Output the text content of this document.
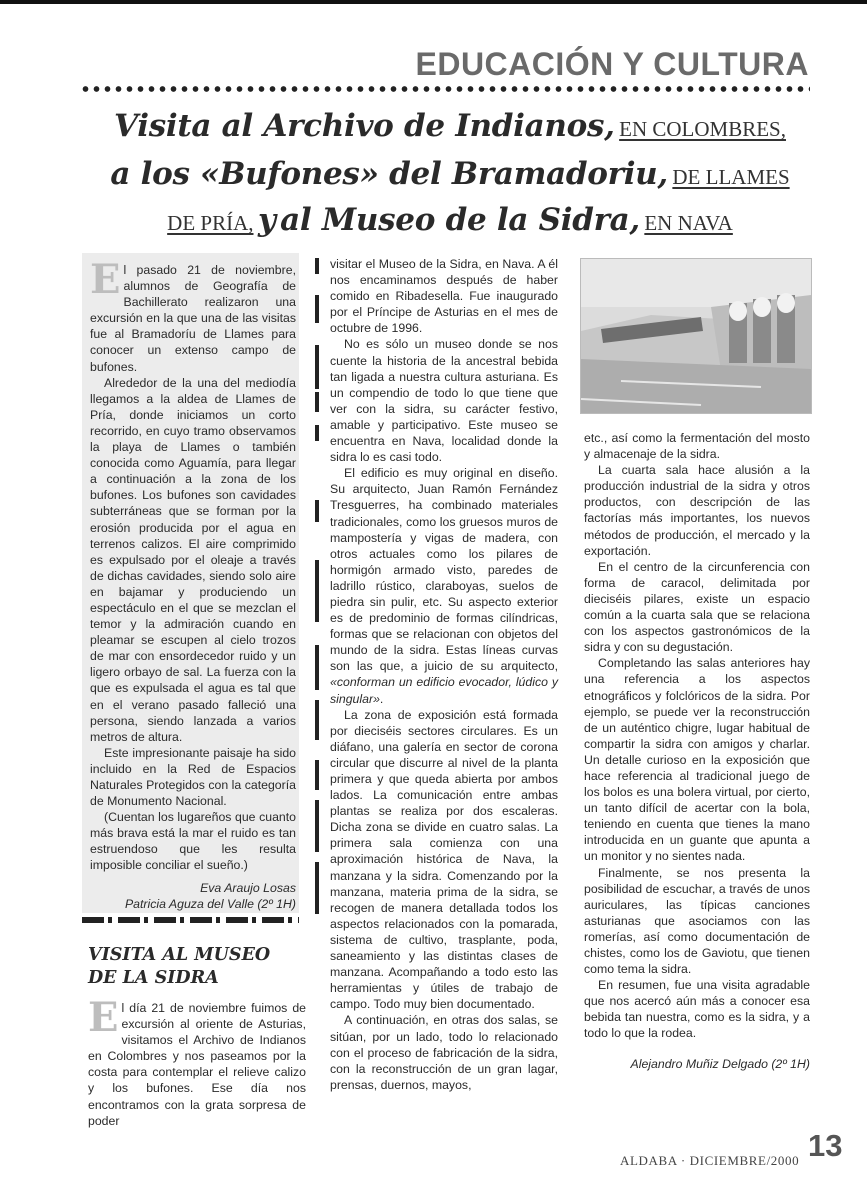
EDUCACIÓN Y CULTURA
Visita al Archivo de Indianos, EN COLOMBRES,
a los «Bufones» del Bramadoriu, DE LLAMES
DE PRÍA, y al Museo de la Sidra, EN NAVA

El pasado 21 de noviembre, alumnos de Geografía de Bachillerato realizaron una excursión en la que una de las visitas fue al Bramadoríu de Llames para conocer un extenso campo de bufones.

Alrededor de la una del mediodía llegamos a la aldea de Llames de Pría, donde iniciamos un corto recorrido, en cuyo tramo observamos la playa de Llames o también conocida como Aguamía, para llegar a continuación a la zona de los bufones. Los bufones son cavidades subterráneas que se forman por la erosión producida por el agua en terrenos calizos. El aire comprimido es expulsado por el oleaje a través de dichas cavidades, siendo solo aire en bajamar y produciendo un espectáculo en el que se mezclan el temor y la admiración cuando en pleamar se escupen al cielo trozos de mar con ensordecedor ruido y un ligero orbayo de sal. La fuerza con la que es expulsada el agua es tal que en el verano pasado falleció una persona, siendo lanzada a varios metros de altura.

Este impresionante paisaje ha sido incluido en la Red de Espacios Naturales Protegidos con la categoría de Monumento Nacional.

(Cuentan los lugareños que cuanto más brava está la mar el ruido es tan estruendoso que les resulta imposible conciliar el sueño.)

Eva Araujo Losas
Patricia Aguza del Valle (2º 1H)
VISITA AL MUSEO
DE LA SIDRA

El día 21 de noviembre fuimos de excursión al oriente de Asturias, visitamos el Archivo de Indianos en Colombres y nos paseamos por la costa para contemplar el relieve calizo y los bufones. Ese día nos encontramos con la grata sorpresa de poder

visitar el Museo de la Sidra, en Nava. A él nos encaminamos después de haber comido en Ribadesella. Fue inaugurado por el Príncipe de Asturias en el mes de octubre de 1996.

No es sólo un museo donde se nos cuente la historia de la ancestral bebida tan ligada a nuestra cultura asturiana. Es un compendio de todo lo que tiene que ver con la sidra, su carácter festivo, amable y participativo. Este museo se encuentra en Nava, localidad donde la sidra lo es casi todo.

El edificio es muy original en diseño. Su arquitecto, Juan Ramón Fernández Tresguerres, ha combinado materiales tradicionales, como los gruesos muros de mampostería y vigas de madera, con otros actuales como los pilares de hormigón armado visto, paredes de ladrillo rústico, claraboyas, suelos de piedra sin pulir, etc. Su aspecto exterior es de predominio de formas cilíndricas, formas que se relacionan con objetos del mundo de la sidra. Estas líneas curvas son las que, a juicio de su arquitecto, «conforman un edificio evocador, lúdico y singular».

La zona de exposición está formada por dieciséis sectores circulares. Es un diáfano, una galería en sector de corona circular que discurre al nivel de la planta primera y que queda abierta por ambos lados. La comunicación entre ambas plantas se realiza por dos escaleras. Dicha zona se divide en cuatro salas. La primera sala comienza con una aproximación histórica de Nava, la manzana y la sidra. Comenzando por la manzana, materia prima de la sidra, se recogen de manera detallada todos los aspectos relacionados con la pomarada, sistema de cultivo, trasplante, poda, saneamiento y las distintas clases de manzana. Acompañando a todo esto las herramientas y útiles de trabajo de campo. Todo muy bien documentado.

A continuación, en otras dos salas, se sitúan, por un lado, todo lo relacionado con el proceso de fabricación de la sidra, con la reconstrucción de un gran lagar, prensas, duernos, mayos,

etc., así como la fermentación del mosto y almacenaje de la sidra.

La cuarta sala hace alusión a la producción industrial de la sidra y otros productos, con descripción de las factorías más importantes, los nuevos métodos de producción, el mercado y la exportación.

En el centro de la circunferencia con forma de caracol, delimitada por dieciséis pilares, existe un espacio común a la cuarta sala que se relaciona con los aspectos gastronómicos de la sidra y con su degustación.

Completando las salas anteriores hay una referencia a los aspectos etnográficos y folclóricos de la sidra. Por ejemplo, se puede ver la reconstrucción de un auténtico chigre, lugar habitual de compartir la sidra con amigos y charlar. Un detalle curioso en la exposición que hace referencia al tradicional juego de los bolos es una bolera virtual, por cierto, un tanto difícil de acertar con la bola, teniendo en cuenta que tienes la mano introducida en un guante que apunta a un monitor y no sientes nada.

Finalmente, se nos presenta la posibilidad de escuchar, a través de unos auriculares, las típicas canciones asturianas que asociamos con las romerías, así como documentación de chistes, como los de Gaviotu, que tienen como tema la sidra.

En resumen, fue una visita agradable que nos acercó aún más a conocer esa bebida tan nuestra, como es la sidra, y a todo lo que la rodea.

Alejandro Muñiz Delgado (2º 1H)
ALDABA · DICIEMBRE/2000 13
